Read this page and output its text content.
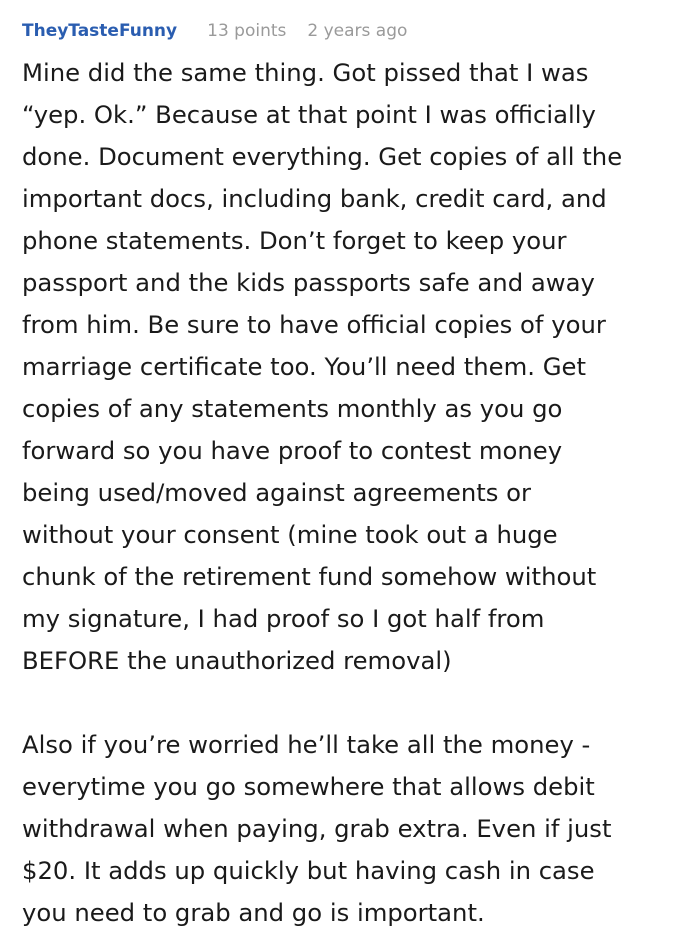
TheyTasteFunny 13 points 2 years ago

Mine did the same thing. Got pissed that I was
“yep. Ok.” Because at that point I was officially
done. Document everything. Get copies of all the
important docs, including bank, credit card, and
phone statements. Don’t forget to keep your
passport and the kids passports safe and away
from him. Be sure to have official copies of your
marriage certificate too. You’ll need them. Get
copies of any statements monthly as you go
forward so you have proof to contest money
being used/moved against agreements or
without your consent (mine took out a huge
chunk of the retirement fund somehow without
my signature, I had proof so I got half from
BEFORE the unauthorized removal)

Also if you’re worried he’ll take all the money -
everytime you go somewhere that allows debit
withdrawal when paying, grab extra. Even if just
$20. It adds up quickly but having cash in case
you need to grab and go is important.
